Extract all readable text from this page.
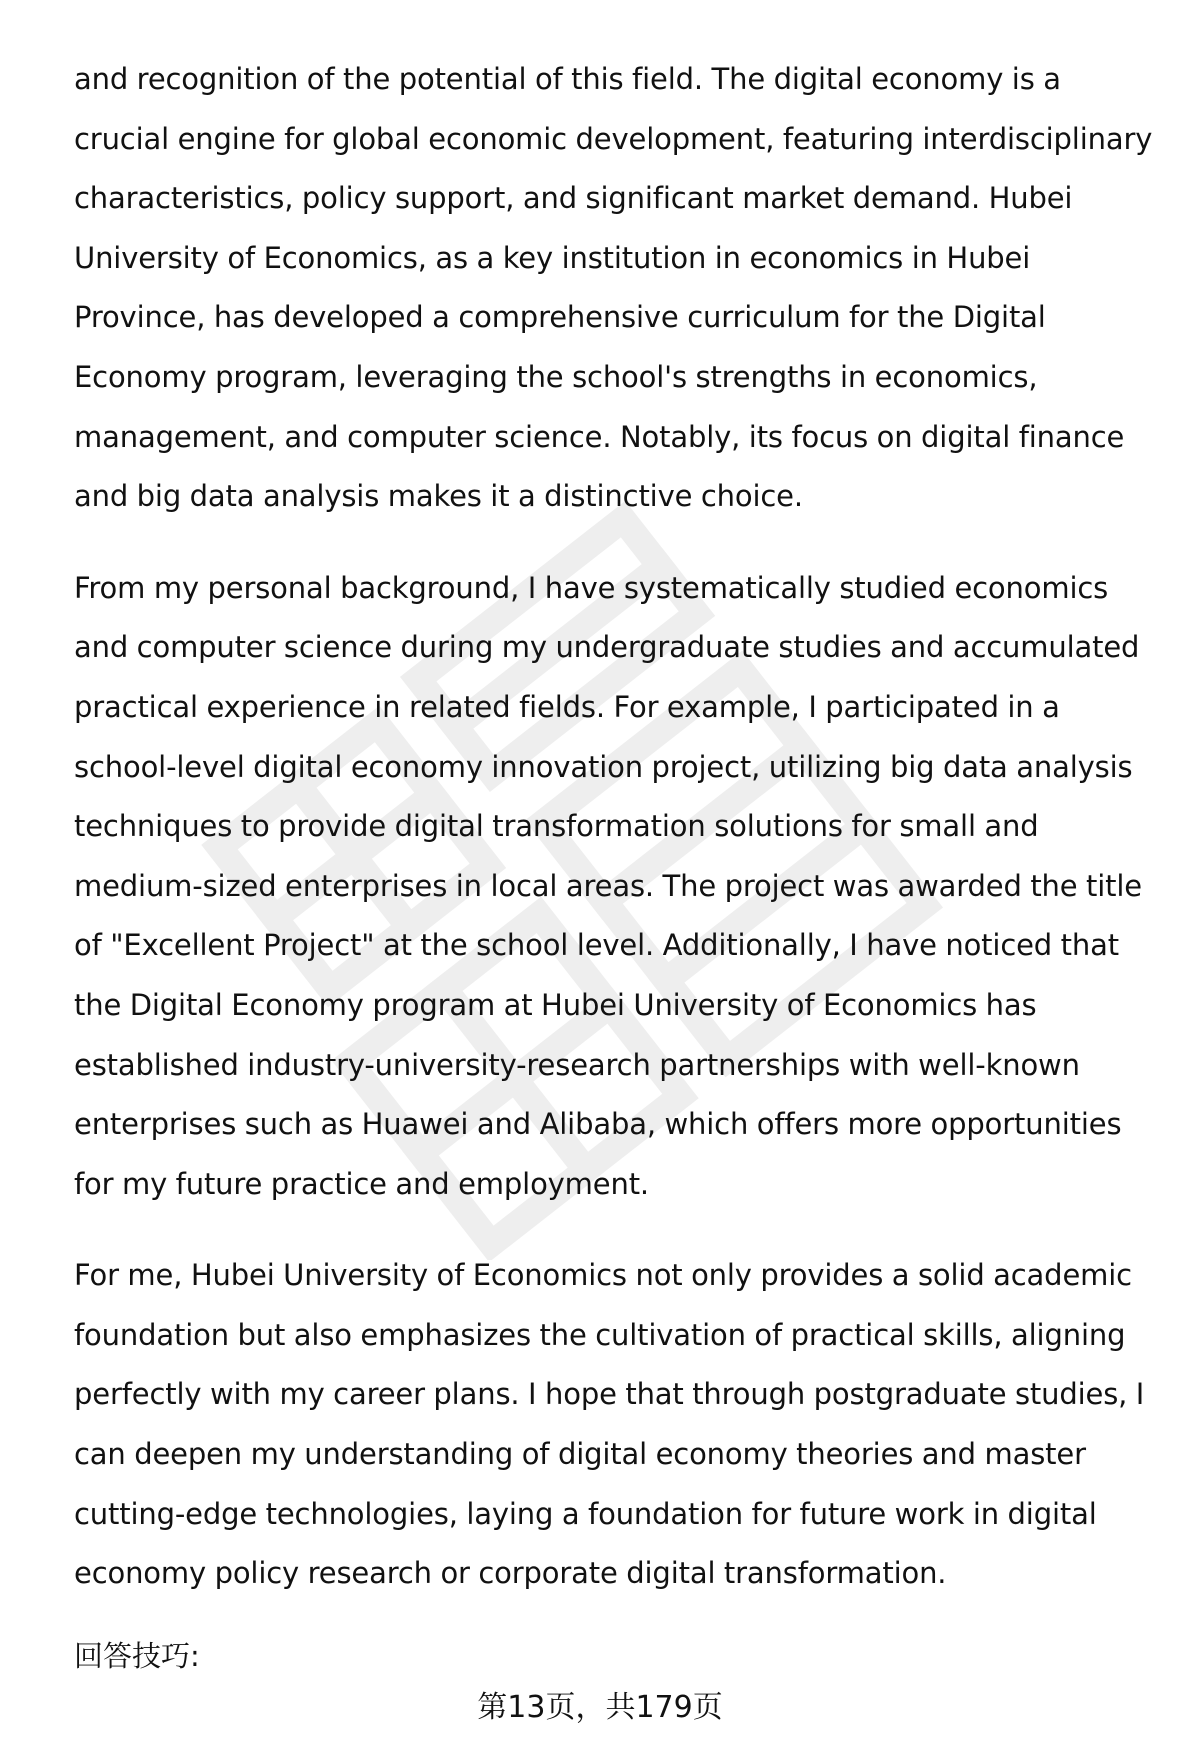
and recognition of the potential of this field. The digital economy is a crucial engine for global economic development, featuring interdisciplinary characteristics, policy support, and significant market demand. Hubei University of Economics, as a key institution in economics in Hubei Province, has developed a comprehensive curriculum for the Digital Economy program, leveraging the school's strengths in economics, management, and computer science. Notably, its focus on digital finance and big data analysis makes it a distinctive choice.

From my personal background, I have systematically studied economics and computer science during my undergraduate studies and accumulated practical experience in related fields. For example, I participated in a school-level digital economy innovation project, utilizing big data analysis techniques to provide digital transformation solutions for small and medium-sized enterprises in local areas. The project was awarded the title of "Excellent Project" at the school level. Additionally, I have noticed that the Digital Economy program at Hubei University of Economics has established industry-university-research partnerships with well-known enterprises such as Huawei and Alibaba, which offers more opportunities for my future practice and employment.

For me, Hubei University of Economics not only provides a solid academic foundation but also emphasizes the cultivation of practical skills, aligning perfectly with my career plans. I hope that through postgraduate studies, I can deepen my understanding of digital economy theories and master cutting-edge technologies, laying a foundation for future work in digital economy policy research or corporate digital transformation.

回答技巧:

第13页，共179页
